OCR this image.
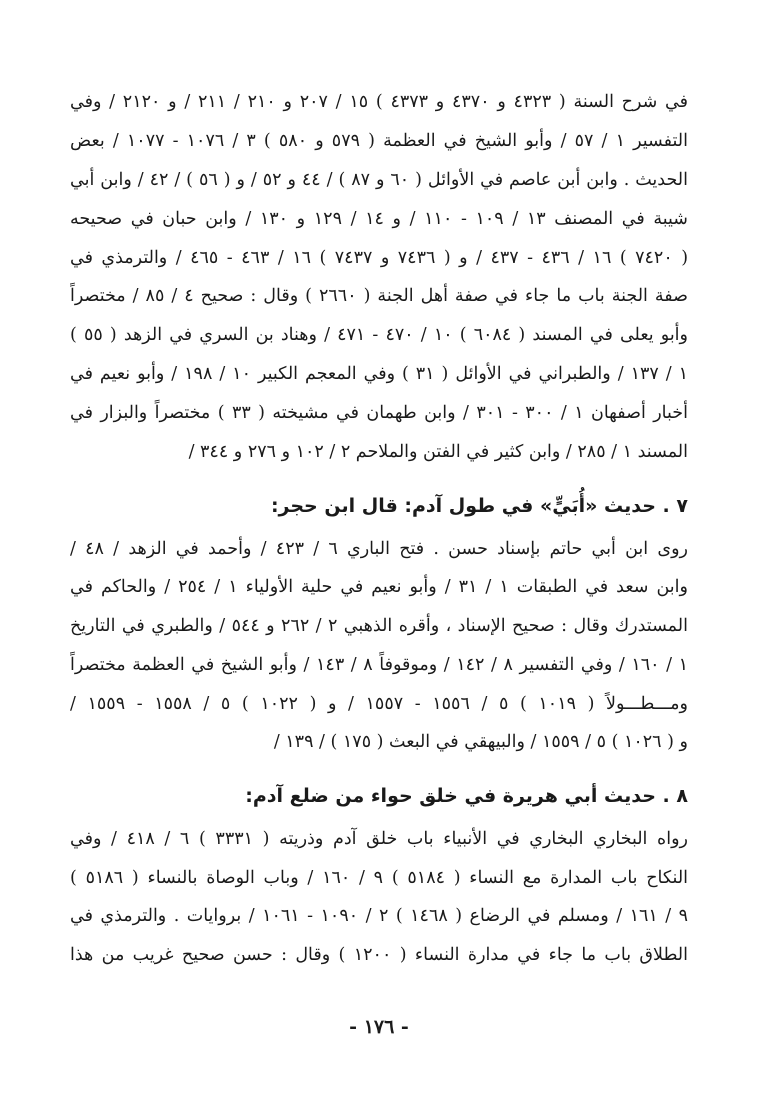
في شرح السنة ( ٤٣٢٣ و ٤٣٧٠ و ٤٣٧٣ ) ١٥ / ٢٠٧ و ٢١٠ / ٢١١ / و ٢١٢٠ / وفي
التفسير ١ / ٥٧ / وأبو الشيخ في العظمة ( ٥٧٩ و ٥٨٠ ) ٣ / ١٠٧٦ - ١٠٧٧ / بعض
الحديث . وابن أبن عاصم في الأوائل ( ٦٠ و ٨٧ ) / ٤٤ و ٥٢ / و ( ٥٦ ) / ٤٢ / وابن أبي
شيبة في المصنف ١٣ / ١٠٩ - ١١٠ / و ١٤ / ١٢٩ و ١٣٠ / وابن حبان في صحيحه
( ٧٤٢٠ ) ١٦ / ٤٣٦ - ٤٣٧ / و ( ٧٤٣٦ و ٧٤٣٧ ) ١٦ / ٤٦٣ - ٤٦٥ / والترمذي في
صفة الجنة باب ما جاء في صفة أهل الجنة ( ٢٦٦٠ ) وقال : صحيح ٤ / ٨٥ / مختصراً
وأبو يعلى في المسند ( ٦٠٨٤ ) ١٠ / ٤٧٠ - ٤٧١ / وهناد بن السري في الزهد ( ٥٥ )
١ / ١٣٧ / والطبراني في الأوائل ( ٣١ ) وفي المعجم الكبير ١٠ / ١٩٨ / وأبو نعيم في
أخبار أصفهان ١ / ٣٠٠ - ٣٠١ / وابن طهمان في مشيخته ( ٣٣ ) مختصراً والبزار في
المسند ١ / ٢٨٥ / وابن كثير في الفتن والملاحم ٢ / ١٠٢ و ٢٧٦ و ٣٤٤ /
٧ . حديث «أُبَيٍّ» في طول آدم: قال ابن حجر:
روى ابن أبي حاتم بإسناد حسن . فتح الباري ٦ / ٤٢٣ / وأحمد في الزهد / ٤٨ /
وابن سعد في الطبقات ١ / ٣١ / وأبو نعيم في حلية الأولياء ١ / ٢٥٤ / والحاكم في
المستدرك وقال : صحيح الإسناد ، وأقره الذهبي ٢ / ٢٦٢ و ٥٤٤ / والطبري في التاريخ
١ / ١٦٠ / وفي التفسير ٨ / ١٤٢ / وموقوفاً ٨ / ١٤٣ / وأبو الشيخ في العظمة مختصراً
ومـــطـــولاً ( ١٠١٩ ) ٥ / ١٥٥٦ - ١٥٥٧ / و ( ١٠٢٢ ) ٥ / ١٥٥٨ - ١٥٥٩ /
و ( ١٠٢٦ ) ٥ / ١٥٥٩ / والبيهقي في البعث ( ١٧٥ ) / ١٣٩ /
٨ . حديث أبي هريرة في خلق حواء من ضلع آدم:
رواه البخاري البخاري في الأنبياء باب خلق آدم وذريته ( ٣٣٣١ ) ٦ / ٤١٨ / وفي
النكاح باب المدارة مع النساء ( ٥١٨٤ ) ٩ / ١٦٠ / وباب الوصاة بالنساء ( ٥١٨٦ )
٩ / ١٦١ / ومسلم في الرضاع ( ١٤٦٨ ) ٢ / ١٠٩٠ - ١٠٦١ / بروايات . والترمذي في
الطلاق باب ما جاء في مدارة النساء ( ١٢٠٠ ) وقال : حسن صحيح غريب من هذا
- ١٧٦ -
